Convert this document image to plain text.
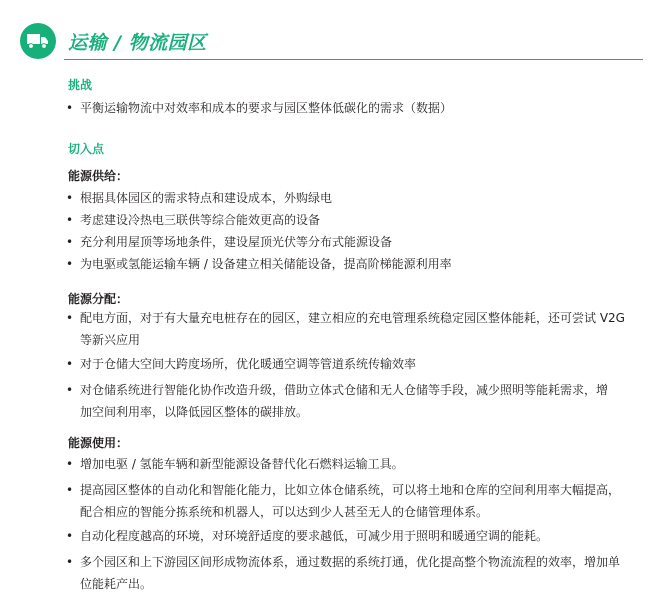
运输 / 物流园区
挑战
• 平衡运输物流中对效率和成本的要求与园区整体低碳化的需求（数据）
切入点
能源供给：
• 根据具体园区的需求特点和建设成本，外购绿电
• 考虑建设冷热电三联供等综合能效更高的设备
• 充分利用屋顶等场地条件，建设屋顶光伏等分布式能源设备
• 为电驱或氢能运输车辆 / 设备建立相关储能设备，提高阶梯能源利用率
能源分配：
• 配电方面，对于有大量充电桩存在的园区，建立相应的充电管理系统稳定园区整体能耗，还可尝试 V2G
等新兴应用
• 对于仓储大空间大跨度场所，优化暖通空调等管道系统传输效率
• 对仓储系统进行智能化协作改造升级，借助立体式仓储和无人仓储等手段，减少照明等能耗需求，增
加空间利用率，以降低园区整体的碳排放。
能源使用：
• 增加电驱 / 氢能车辆和新型能源设备替代化石燃料运输工具。
• 提高园区整体的自动化和智能化能力，比如立体仓储系统，可以将土地和仓库的空间利用率大幅提高，
配合相应的智能分拣系统和机器人，可以达到少人甚至无人的仓储管理体系。
• 自动化程度越高的环境，对环境舒适度的要求越低，可减少用于照明和暖通空调的能耗。
• 多个园区和上下游园区间形成物流体系，通过数据的系统打通，优化提高整个物流流程的效率，增加单
位能耗产出。
